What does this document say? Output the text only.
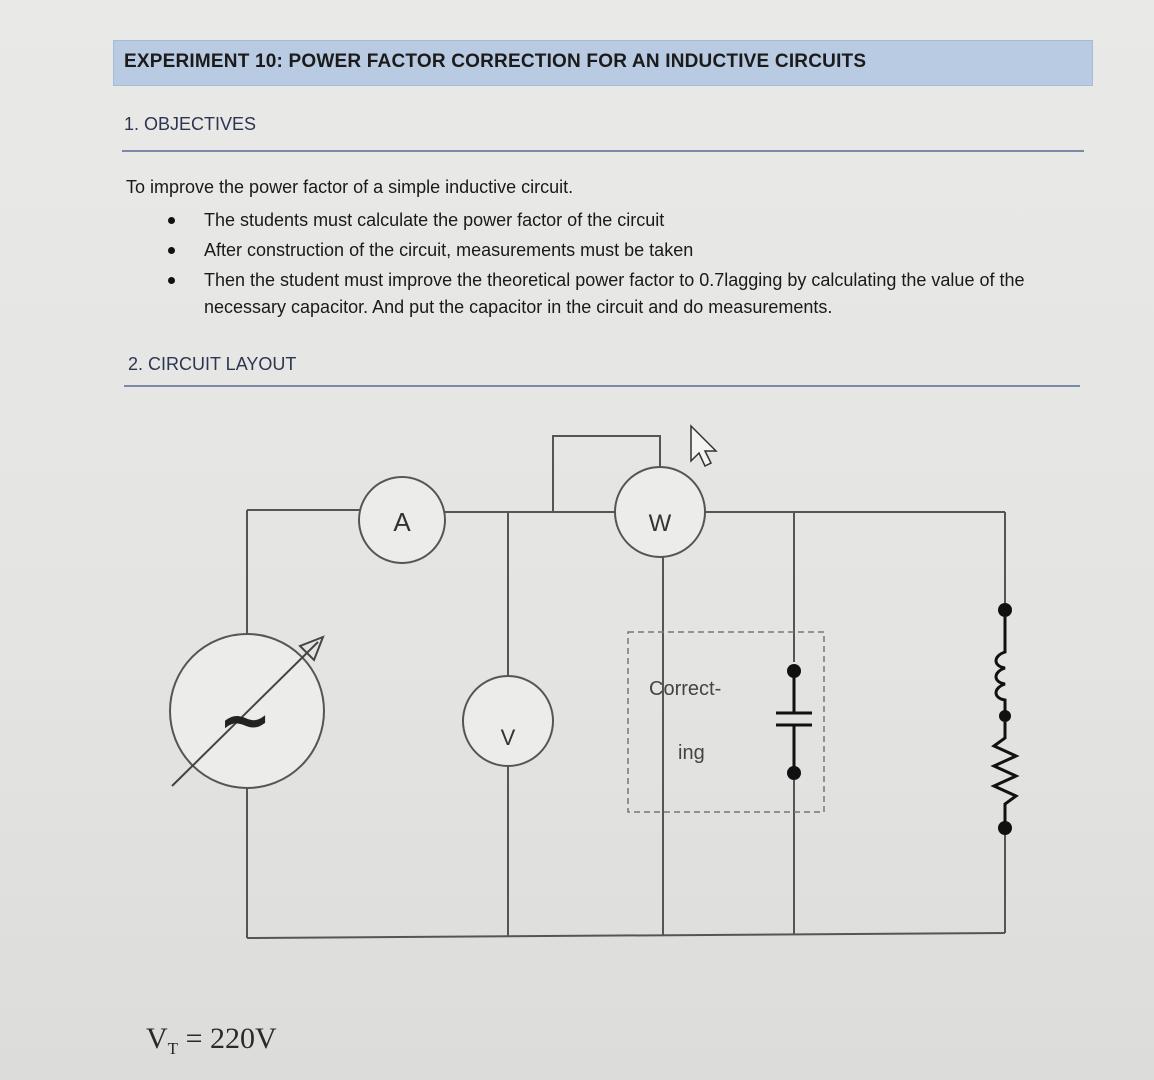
EXPERIMENT 10: POWER FACTOR CORRECTION FOR AN INDUCTIVE CIRCUITS
1. OBJECTIVES
To improve the power factor of a simple inductive circuit.
The students must calculate the power factor of the circuit
After construction of the circuit, measurements must be taken
Then the student must improve the theoretical power factor to 0.7lagging by calculating the value of the necessary capacitor. And put the capacitor in the circuit and do measurements.
2. CIRCUIT LAYOUT
A	W
V
~	Correct-
ing
$V_T = 220V$
